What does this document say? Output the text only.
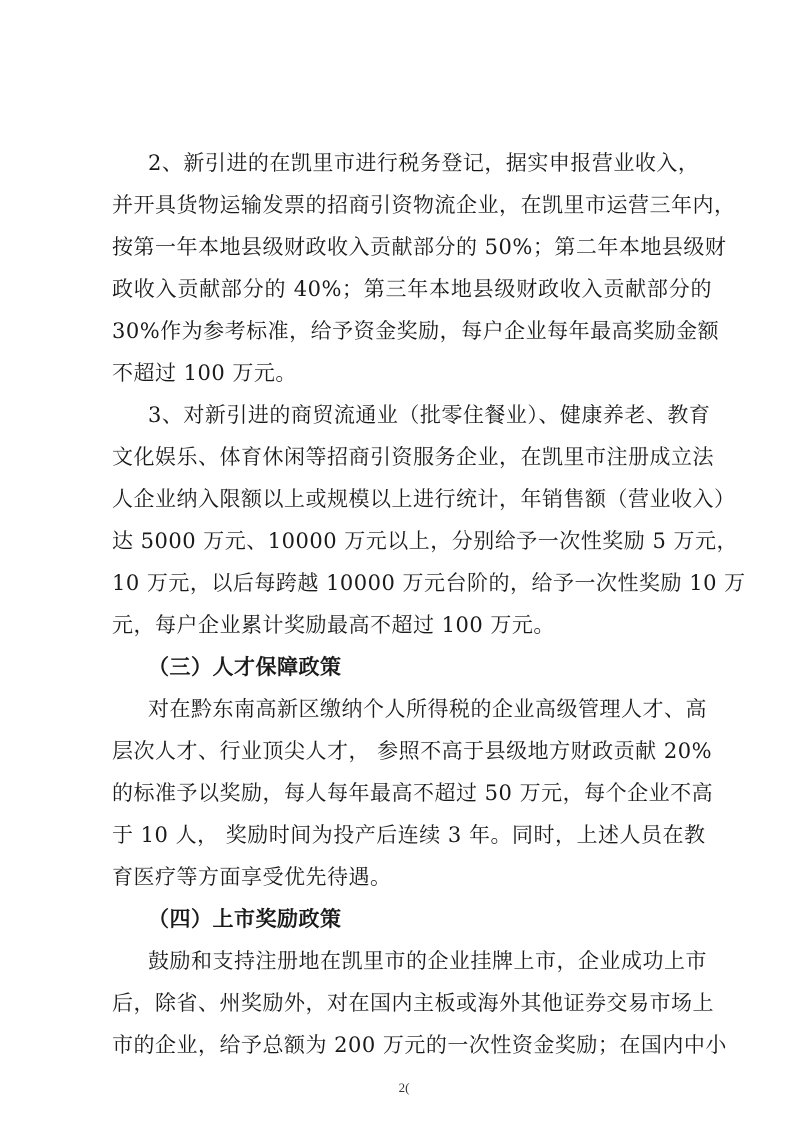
2、新引进的在凯里市进行税务登记，据实申报营业收入，
并开具货物运输发票的招商引资物流企业，在凯里市运营三年内，
按第一年本地县级财政收入贡献部分的 50%；第二年本地县级财
政收入贡献部分的 40%；第三年本地县级财政收入贡献部分的
30%作为参考标准，给予资金奖励，每户企业每年最高奖励金额
不超过 100 万元。
3、对新引进的商贸流通业（批零住餐业）、健康养老、教育
文化娱乐、体育休闲等招商引资服务企业，在凯里市注册成立法
人企业纳入限额以上或规模以上进行统计，年销售额（营业收入）
达 5000 万元、10000 万元以上，分别给予一次性奖励 5 万元，
10 万元，以后每跨越 10000 万元台阶的，给予一次性奖励 10 万
元，每户企业累计奖励最高不超过 100 万元。
（三）人才保障政策
对在黔东南高新区缴纳个人所得税的企业高级管理人才、高
层次人才、行业顶尖人才， 参照不高于县级地方财政贡献 20%
的标准予以奖励，每人每年最高不超过 50 万元，每个企业不高
于 10 人， 奖励时间为投产后连续 3 年。同时，上述人员在教
育医疗等方面享受优先待遇。
（四）上市奖励政策
鼓励和支持注册地在凯里市的企业挂牌上市，企业成功上市
后，除省、州奖励外，对在国内主板或海外其他证券交易市场上
市的企业，给予总额为 200 万元的一次性资金奖励；在国内中小
2(
